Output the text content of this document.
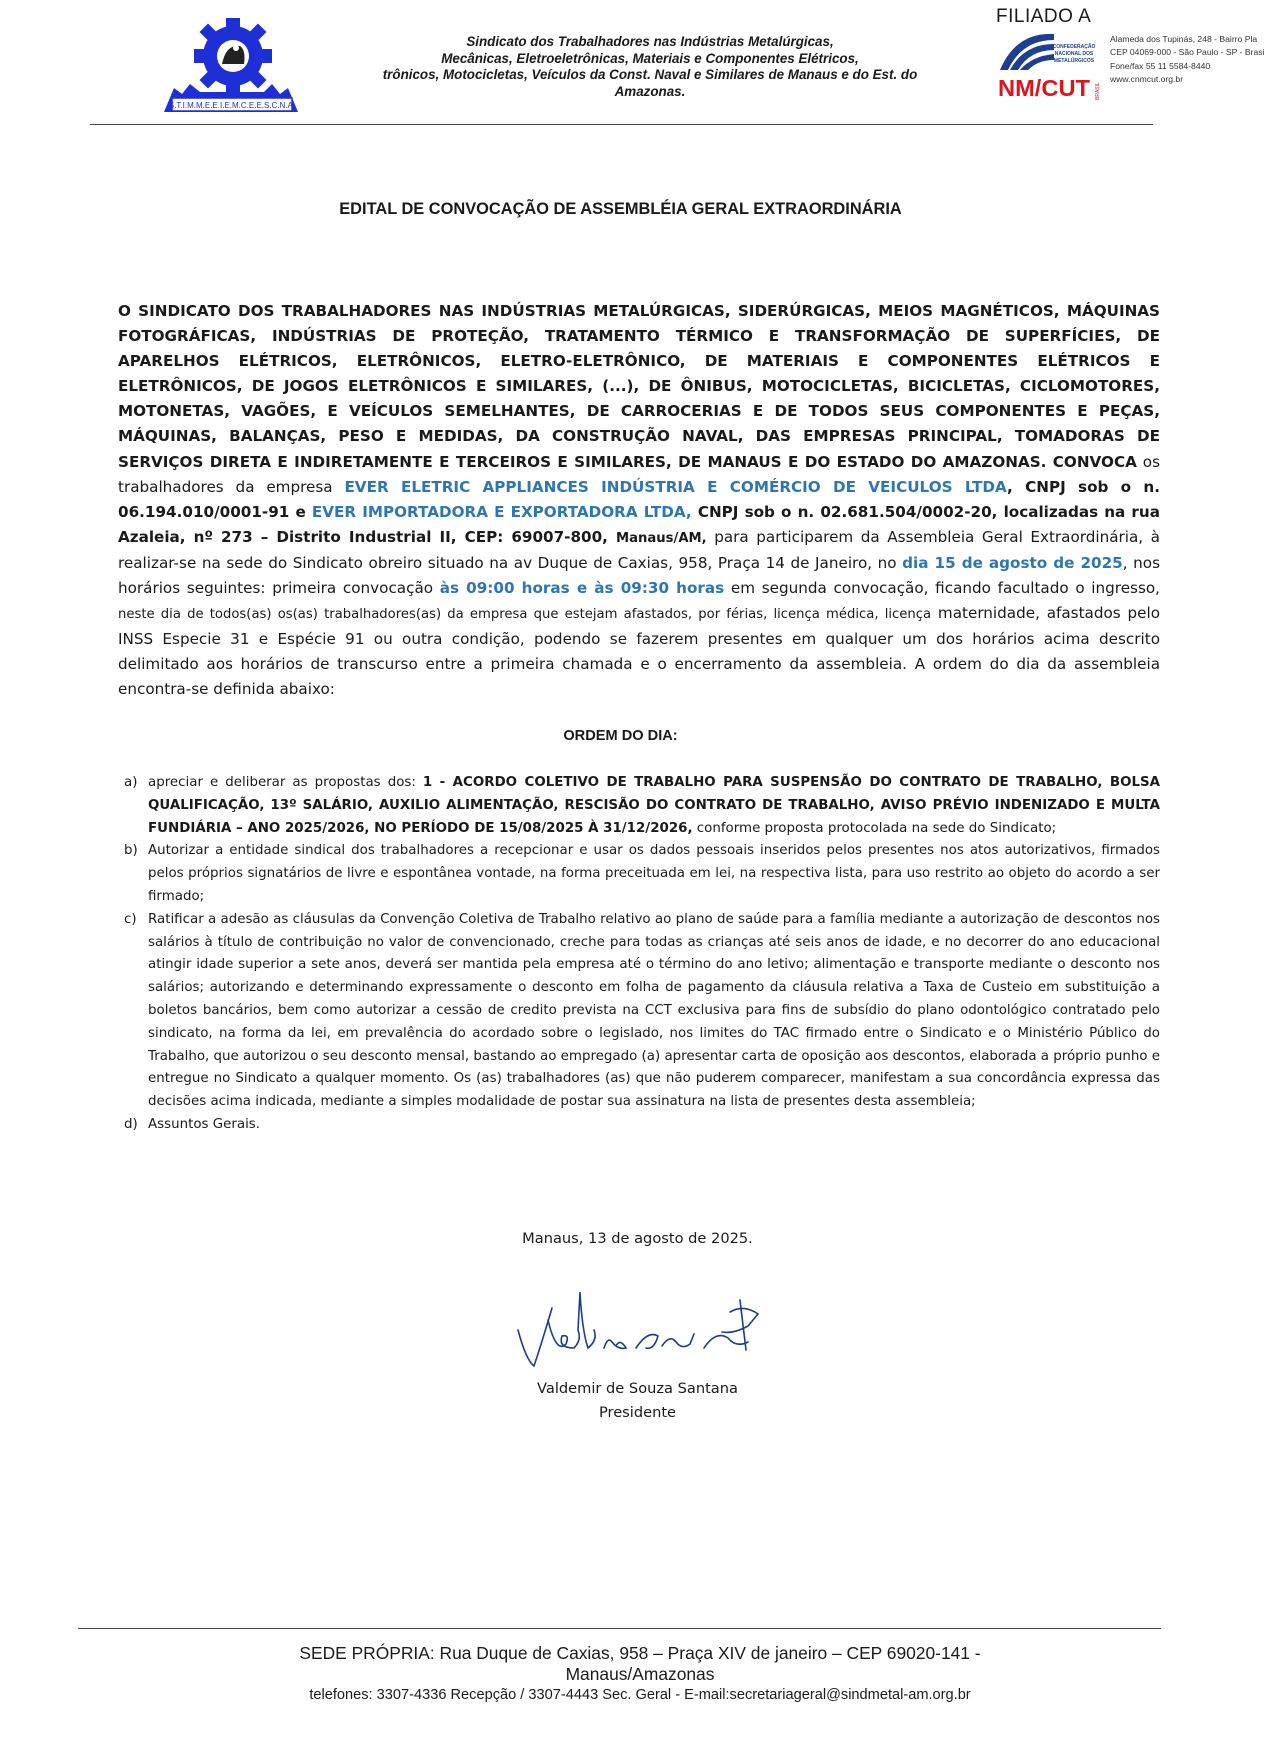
S.T.I.M.M.E.E.I.E.M.C.E.E.S.C.N.A.
Sindicato dos Trabalhadores nas Indústrias Metalúrgicas,
Mecânicas, Eletroeletrônicas, Materiais e Componentes Elétricos,
trônicos, Motocicletas, Veículos da Const. Naval e Similares de Manaus e do Est. do
Amazonas.
FILIADO A
CONFEDERAÇÃO
NACIONAL DOS
METALÚRGICOS
NM/CUT BRASIL
Alameda dos Tupinás, 248 - Bairro Pla
CEP 04069-000 - São Paulo - SP - Brasi
Fone/fax 55 11 5584-8440
www.cnmcut.org.br
EDITAL DE CONVOCAÇÃO DE ASSEMBLÉIA GERAL EXTRAORDINÁRIA
O SINDICATO DOS TRABALHADORES NAS INDÚSTRIAS METALÚRGICAS, SIDERÚRGICAS, MEIOS MAGNÉTICOS, MÁQUINAS FOTOGRÁFICAS, INDÚSTRIAS DE PROTEÇÃO, TRATAMENTO TÉRMICO E TRANSFORMAÇÃO DE SUPERFÍCIES, DE APARELHOS ELÉTRICOS, ELETRÔNICOS, ELETRO-ELETRÔNICO, DE MATERIAIS E COMPONENTES ELÉTRICOS E ELETRÔNICOS, DE JOGOS ELETRÔNICOS E SIMILARES, (...), DE ÔNIBUS, MOTOCICLETAS, BICICLETAS, CICLOMOTORES, MOTONETAS, VAGÕES, E VEÍCULOS SEMELHANTES, DE CARROCERIAS E DE TODOS SEUS COMPONENTES E PEÇAS, MÁQUINAS, BALANÇAS, PESO E MEDIDAS, DA CONSTRUÇÃO NAVAL, DAS EMPRESAS PRINCIPAL, TOMADORAS DE SERVIÇOS DIRETA E INDIRETAMENTE E TERCEIROS E SIMILARES, DE MANAUS E DO ESTADO DO AMAZONAS. CONVOCA os trabalhadores da empresa EVER ELETRIC APPLIANCES INDÚSTRIA E COMÉRCIO DE VEICULOS LTDA, CNPJ sob o n. 06.194.010/0001-91 e EVER IMPORTADORA E EXPORTADORA LTDA, CNPJ sob o n. 02.681.504/0002-20, localizadas na rua Azaleia, nº 273 – Distrito Industrial II, CEP: 69007-800, Manaus/AM, para participarem da Assembleia Geral Extraordinária, à realizar-se na sede do Sindicato obreiro situado na av Duque de Caxias, 958, Praça 14 de Janeiro, no dia 15 de agosto de 2025, nos horários seguintes: primeira convocação às 09:00 horas e às 09:30 horas em segunda convocação, ficando facultado o ingresso, neste dia de todos(as) os(as) trabalhadores(as) da empresa que estejam afastados, por férias, licença médica, licença maternidade, afastados pelo INSS Especie 31 e Espécie 91 ou outra condição, podendo se fazerem presentes em qualquer um dos horários acima descrito delimitado aos horários de transcurso entre a primeira chamada e o encerramento da assembleia. A ordem do dia da assembleia encontra-se definida abaixo:
ORDEM DO DIA:
a) apreciar e deliberar as propostas dos: 1 - ACORDO COLETIVO DE TRABALHO PARA SUSPENSÃO DO CONTRATO DE TRABALHO, BOLSA QUALIFICAÇÃO, 13º SALÁRIO, AUXILIO ALIMENTAÇÃO, RESCISÃO DO CONTRATO DE TRABALHO, AVISO PRÉVIO INDENIZADO E MULTA FUNDIÁRIA – ANO 2025/2026, NO PERÍODO DE 15/08/2025 À 31/12/2026, conforme proposta protocolada na sede do Sindicato;
b) Autorizar a entidade sindical dos trabalhadores a recepcionar e usar os dados pessoais inseridos pelos presentes nos atos autorizativos, firmados pelos próprios signatários de livre e espontânea vontade, na forma preceituada em lei, na respectiva lista, para uso restrito ao objeto do acordo a ser firmado;
c) Ratificar a adesão as cláusulas da Convenção Coletiva de Trabalho relativo ao plano de saúde para a família mediante a autorização de descontos nos salários à título de contribuição no valor de convencionado, creche para todas as crianças até seis anos de idade, e no decorrer do ano educacional atingir idade superior a sete anos, deverá ser mantida pela empresa até o término do ano letivo; alimentação e transporte mediante o desconto nos salários; autorizando e determinando expressamente o desconto em folha de pagamento da cláusula relativa a Taxa de Custeio em substituição a boletos bancários, bem como autorizar a cessão de credito prevista na CCT exclusiva para fins de subsídio do plano odontológico contratado pelo sindicato, na forma da lei, em prevalência do acordado sobre o legislado, nos limites do TAC firmado entre o Sindicato e o Ministério Público do Trabalho, que autorizou o seu desconto mensal, bastando ao empregado (a) apresentar carta de oposição aos descontos, elaborada a próprio punho e entregue no Sindicato a qualquer momento. Os (as) trabalhadores (as) que não puderem comparecer, manifestam a sua concordância expressa das decisões acima indicada, mediante a simples modalidade de postar sua assinatura na lista de presentes desta assembleia;
d) Assuntos Gerais.
Manaus, 13 de agosto de 2025.
Valdemir de Souza Santana
Presidente
SEDE PRÓPRIA: Rua Duque de Caxias, 958 – Praça XIV de janeiro – CEP 69020-141 -
Manaus/Amazonas
telefones: 3307-4336 Recepção / 3307-4443 Sec. Geral - E-mail:secretariageral@sindmetal-am.org.br
